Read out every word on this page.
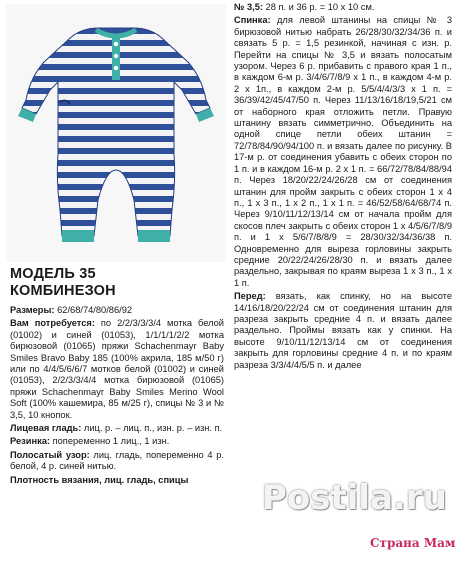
МОДЕЛЬ 35
КОМБИНЕЗОН

Размеры: 62/68/74/80/86/92

Вам потребуется: по 2/2/3/3/3/4 мотка белой (01002) и синей (01053), 1/1/1/1/2/2 мотка бирюзовой (01065) пряжи Schachenmayr Baby Smiles Bravo Baby 185 (100% акрила, 185 м/50 г) или по 4/4/5/6/6/7 мотков белой (01002) и синей (01053), 2/2/3/3/4/4 мотка бирюзовой (01065) пряжи Schachenmayr Baby Smiles Merino Wool Soft (100% кашемира, 85 м/25 г), спицы № 3 и № 3,5, 10 кнопок.

Лицевая гладь: лиц. р. – лиц. п., изн. р. – изн. п.

Резинка: попеременно 1 лиц., 1 изн.

Полосатый узор: лиц. гладь, попеременно 4 р. белой, 4 р. синей нитью.

Плотность вязания, лиц. гладь, спицы

№ 3,5: 28 п. и 36 р. = 10 х 10 см.

Спинка: для левой штанины на спицы № 3 бирюзовой нитью набрать 26/28/30/32/34/36 п. и связать 5 р. = 1,5 резинкой, начиная с изн. р. Перейти на спицы № 3,5 и вязать полосатым узором. Через 6 р. прибавить с правого края 1 п., в каждом 6-м р. 3/4/6/7/8/9 х 1 п., в каждом 4-м р. 2 х 1п., в каждом 2-м р. 5/5/4/4/3/3 х 1 п. = 36/39/42/45/47/50 п. Через 11/13/16/18/19,5/21 см от наборного края отложить петли. Правую штанину вязать симметрично. Объединить на одной спице петли обеих штанин = 72/78/84/90/94/100 п. и вязать далее по рисунку. В 17-м р. от соединения убавить с обеих сторон по 1 п. и в каждом 16-м р. 2 х 1 п. = 66/72/78/84/88/94 п. Через 18/20/22/24/26/28 см от соединения штанин для пройм закрыть с обеих сторон 1 х 4 п., 1 х 3 п., 1 х 2 п., 1 х 1 п. = 46/52/58/64/68/74 п. Через 9/10/11/12/13/14 см от начала пройм для скосов плеч закрыть с обеих сторон 1 х 4/5/6/7/8/9 п. и 1 х 5/6/7/8/8/9 = 28/30/32/34/36/38 п. Одновременно для выреза горловины закрыть средние 20/22/24/26/28/30 п. и вязать далее раздельно, закрывая по краям выреза 1 х 3 п., 1 х 1 п.

Перед: вязать, как спинку, но на высоте 14/16/18/20/22/24 см от соединения штанин для разреза закрыть средние 4 п. и вязать далее раздельно. Проймы вязать как у спинки. На высоте 9/10/11/12/13/14 см от соединения закрыть для горловины средние 4 п. и по краям разреза 3/3/4/4/5/5 п. и далее

Postila.ru
Страна Мам
